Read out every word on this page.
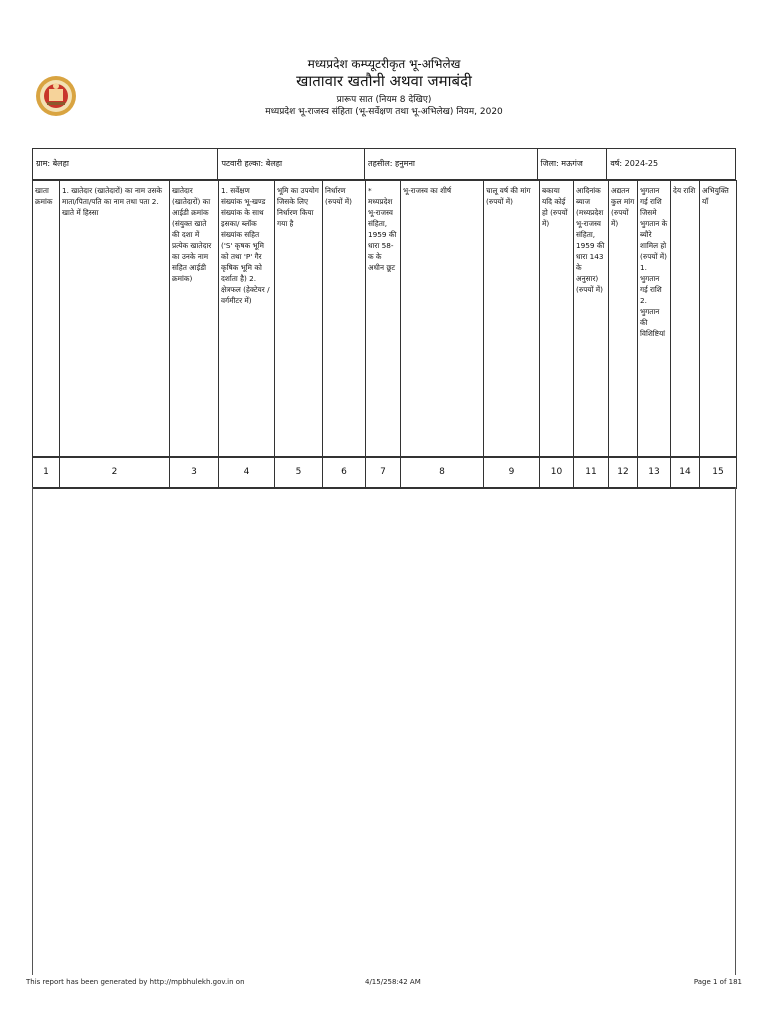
मध्यप्रदेश कम्प्यूटरीकृत भू-अभिलेख
खातावार खतौनी अथवा जमाबंदी
प्रारूप सात (नियम 8 देखिए)
मध्यप्रदेश भू-राजस्व संहिता (भू-सर्वेक्षण तथा भू-अभिलेख) नियम, 2020
ग्राम: बेलहा	पटवारी हल्का: बेलहा	तहसील: हनुमना	जिला: मऊगंज	वर्ष: 2024-25
खाता क्रमांक	1. खातेदार (खातेदारों) का नाम उसके माता/पिता/पति का नाम तथा पता 2. खाते में हिस्सा	खातेदार (खातेदारों) का आईडी क्रमांक (संयुक्त खाते की दशा में प्रत्येक खातेदार का उनके नाम सहित आईडी क्रमांक)	1. सर्वेक्षण संख्यांक भू-खण्ड संख्यांक के साथ इसका/ ब्लॉक संख्यांक सहित ('S' कृषक भूमि को तथा 'P' गैर कृषिक भूमि को दर्शाता है) 2. क्षेत्रफल (हेक्टेयर / वर्गमीटर में)	भूमि का उपयोग जिसके लिए निर्धारण किया गया है	निर्धारण (रुपयों में)	* मध्यप्रदेश भू-राजस्व संहिता, 1959 की धारा 58-क के अधीन छूट	भू-राजस्व का शीर्ष	चालू वर्ष की मांग (रुपयों में)	बकाया यदि कोई हो (रुपयों में)	आदिनांक ब्याज (मध्यप्रदेश भू-राजस्व संहिता, 1959 की धारा 143 के अनुसार) (रुपयों में)	अद्यतन कुल मांग (रुपयों में)	भुगतान गई राशि जिसमे भुगतान के ब्यौरे शामिल हो (रुपयों में) 1. भुगतान गई राशि 2. भुगतान की विशिष्टियां	देय राशि	अभियुक्तियाँ
1	2	3	4	5	6	7	8	9	10	11	12	13	14	15
This report has been generated by http://mpbhulekh.gov.in on	4/15/258:42 AM	Page 1 of 181
